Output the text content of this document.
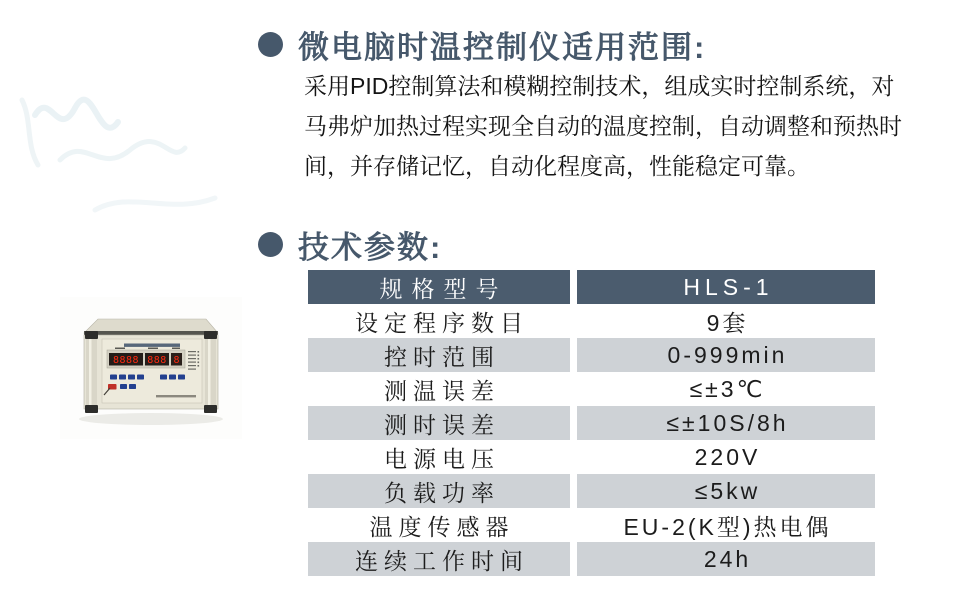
微电脑时温控制仪适用范围:
采用PID控制算法和模糊控制技术，组成实时控制系统，对
马弗炉加热过程实现全自动的温度控制，自动调整和预热时
间，并存储记忆，自动化程度高，性能稳定可靠。
技术参数:
规格型号	HLS-1
设定程序数目	9套
控时范围	0-999min
测温误差	≤±3℃
测时误差	≤±10S/8h
电源电压	220V
负载功率	≤5kw
温度传感器	EU-2(K型)热电偶
连续工作时间	24h
8888 888 8
